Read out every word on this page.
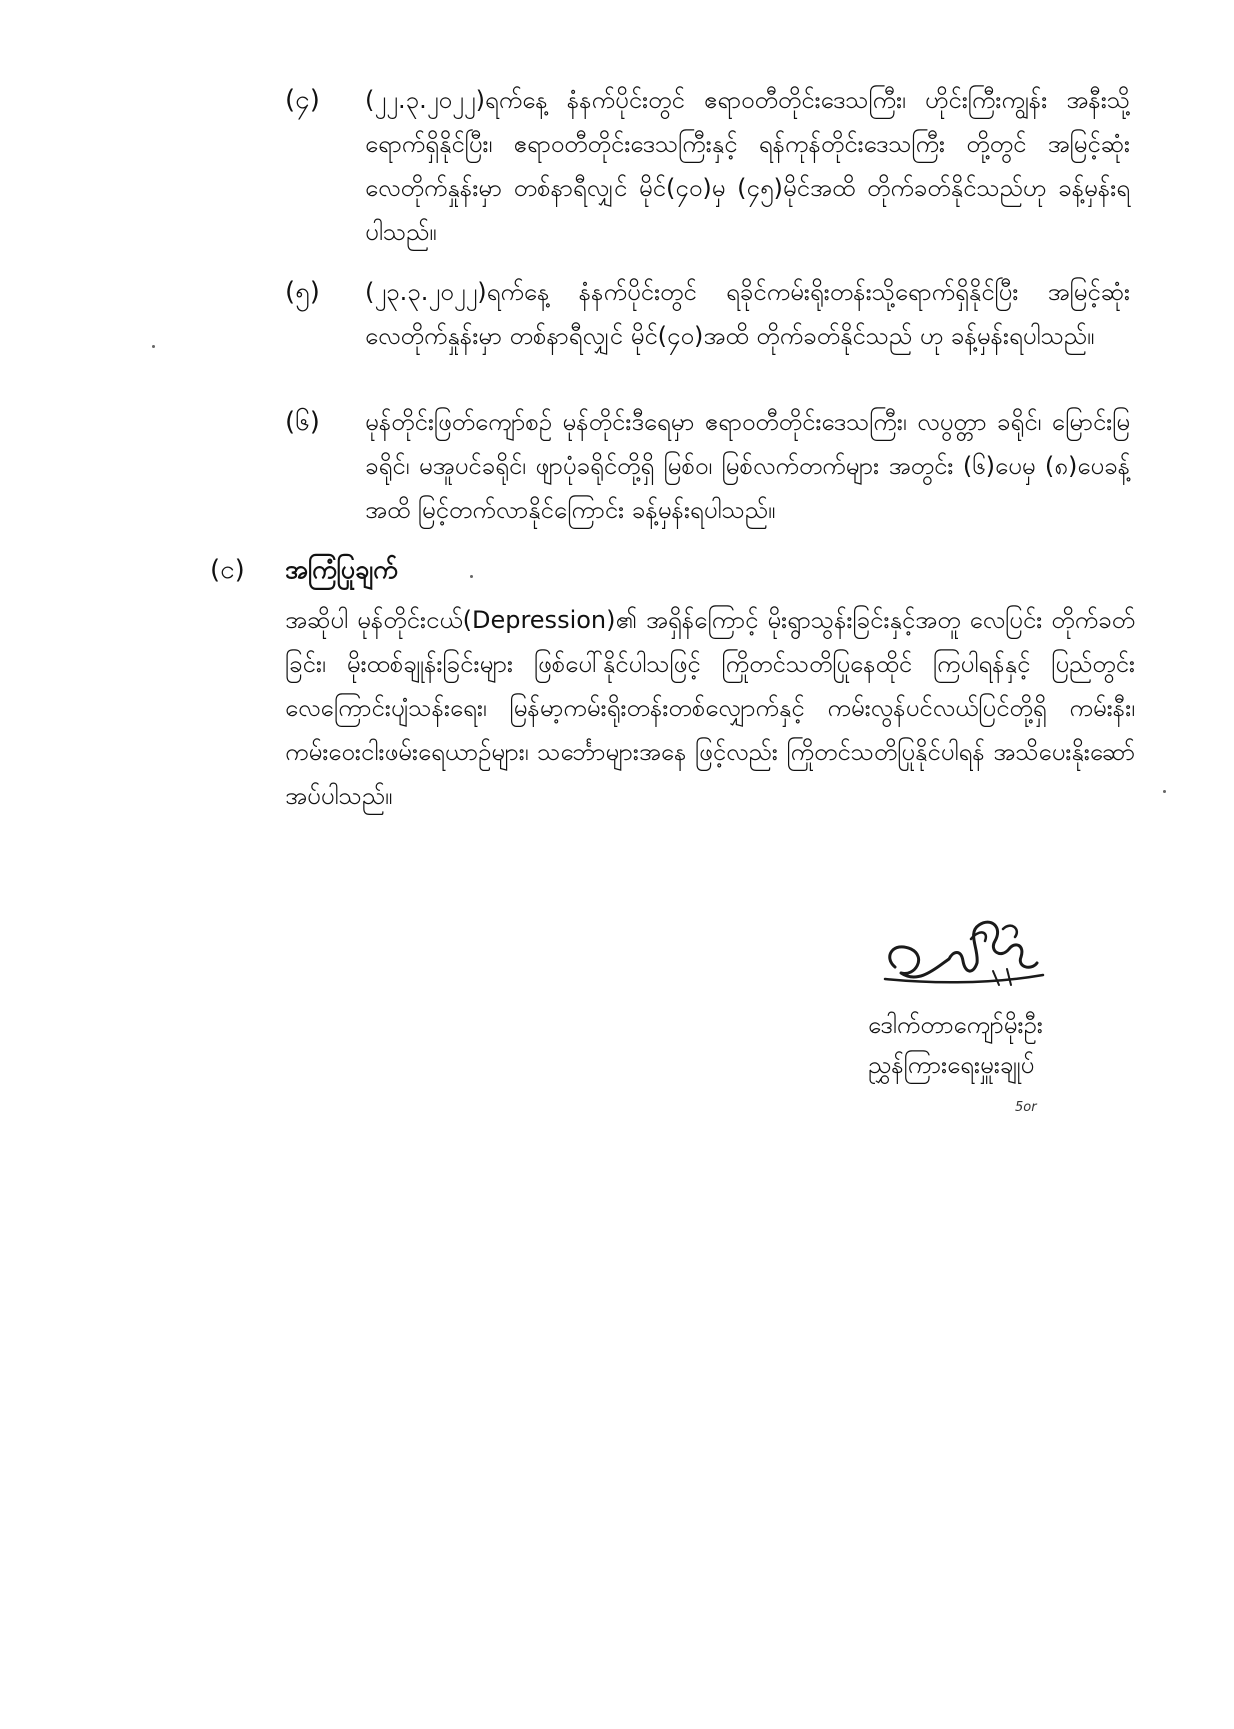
(၄) (၂၂.၃.၂၀၂၂)ရက်နေ့ နံနက်ပိုင်းတွင် ဧရာဝတီတိုင်းဒေသကြီး၊ ဟိုင်းကြီးကျွန်း အနီးသို့ ရောက်ရှိနိုင်ပြီး၊ ဧရာဝတီတိုင်းဒေသကြီးနှင့် ရန်ကုန်တိုင်းဒေသကြီး တို့တွင် အမြင့်ဆုံးလေတိုက်နှုန်းမှာ တစ်နာရီလျှင် မိုင်(၄၀)မှ (၄၅)မိုင်အထိ တိုက်ခတ်နိုင်သည်ဟု ခန့်မှန်းရပါသည်။
(၅) (၂၃.၃.၂၀၂၂)ရက်နေ့ နံနက်ပိုင်းတွင် ရခိုင်ကမ်းရိုးတန်းသို့ရောက်ရှိနိုင်ပြီး အမြင့်ဆုံးလေတိုက်နှုန်းမှာ တစ်နာရီလျှင် မိုင်(၄၀)အထိ တိုက်ခတ်နိုင်သည် ဟု ခန့်မှန်းရပါသည်။
(၆) မုန်တိုင်းဖြတ်ကျော်စဉ် မုန်တိုင်းဒီရေမှာ ဧရာဝတီတိုင်းဒေသကြီး၊ လပွတ္တာ ခရိုင်၊ မြောင်းမြခရိုင်၊ မအူပင်ခရိုင်၊ ဖျာပုံခရိုင်တို့ရှိ မြစ်ဝ၊ မြစ်လက်တက်များ အတွင်း (၆)ပေမှ (၈)ပေခန့်အထိ မြင့်တက်လာနိုင်ကြောင်း ခန့်မှန်းရပါသည်။
(င) အကြံပြုချက်
အဆိုပါ မုန်တိုင်းငယ်(Depression)၏ အရှိန်ကြောင့် မိုးရွာသွန်းခြင်းနှင့်အတူ လေပြင်း တိုက်ခတ်ခြင်း၊ မိုးထစ်ချုန်းခြင်းများ ဖြစ်ပေါ်နိုင်ပါသဖြင့် ကြိုတင်သတိပြုနေထိုင် ကြပါရန်နှင့် ပြည်တွင်းလေကြောင်းပျံသန်းရေး၊ မြန်မာ့ကမ်းရိုးတန်းတစ်လျှောက်နှင့် ကမ်းလွန်ပင်လယ်ပြင်တို့ရှိ ကမ်းနီး၊ ကမ်းဝေးငါးဖမ်းရေယာဉ်များ၊ သင်္ဘောများအနေ ဖြင့်လည်း ကြိုတင်သတိပြုနိုင်ပါရန် အသိပေးနိုးဆော်အပ်ပါသည်။
ဒေါက်တာကျော်မိုးဦး
ညွှန်ကြားရေးမှူးချုပ်
5or
